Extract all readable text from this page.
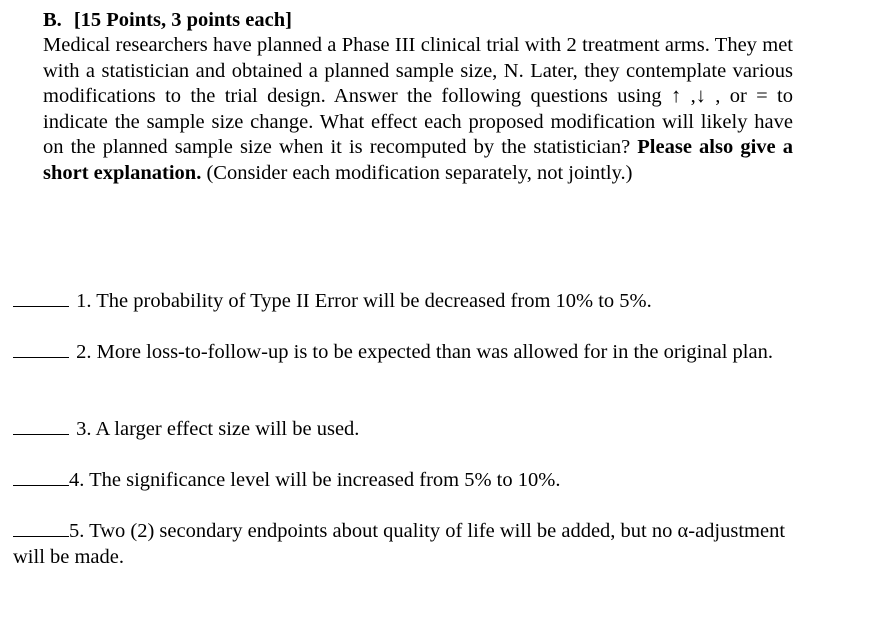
B. [15 Points, 3 points each]

Medical researchers have planned a Phase III clinical trial with 2 treatment arms. They met with a statistician and obtained a planned sample size, N. Later, they contemplate various modifications to the trial design. Answer the following questions using ↑ ,↓ , or = to indicate the sample size change. What effect each proposed modification will likely have on the planned sample size when it is recomputed by the statistician? Please also give a short explanation. (Consider each modification separately, not jointly.)

1. The probability of Type II Error will be decreased from 10% to 5%.

2. More loss-to-follow-up is to be expected than was allowed for in the original plan.

3. A larger effect size will be used.

4. The significance level will be increased from 5% to 10%.

5. Two (2) secondary endpoints about quality of life will be added, but no α-adjustment will be made.
